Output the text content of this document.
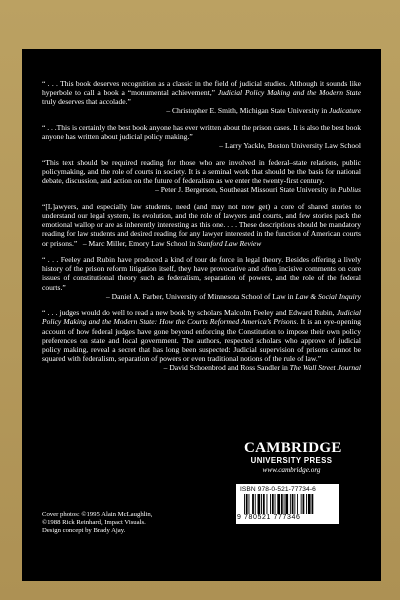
“ . . . This book deserves recognition as a classic in the field of judicial studies. Although it sounds like hyperbole to call a book a “monumental achievement,” Judicial Policy Making and the Modern State truly deserves that accolade.”
– Christopher E. Smith, Michigan State University in Judicature
“ . . .This is certainly the best book anyone has ever written about the prison cases. It is also the best book anyone has written about judicial policy making.”
– Larry Yackle, Boston University Law School
“This text should be required reading for those who are involved in federal–state relations, public policymaking, and the role of courts in society. It is a seminal work that should be the basis for national debate, discussion, and action on the future of federalism as we enter the twenty-first century.
– Peter J. Bergerson, Southeast Missouri State University in Publius
“[L]awyers, and especially law students, need (and may not now get) a core of shared stories to understand our legal system, its evolution, and the role of lawyers and courts, and few stories pack the emotional wallop or are as inherently interesting as this one. . . . These descriptions should be mandatory reading for law students and desired reading for any lawyer interested in the function of American courts or prisons.”   – Marc Miller, Emory Law School in Stanford Law Review
“ . . . Feeley and Rubin have produced a kind of tour de force in legal theory. Besides offering a lively history of the prison reform litigation itself, they have provocative and often incisive comments on core issues of constitutional theory such as federalism, separation of powers, and the role of the federal courts.”
– Daniel A. Farber, University of Minnesota School of Law in Law & Social Inquiry
“ . . . judges would do well to read a new book by scholars Malcolm Feeley and Edward Rubin, Judicial Policy Making and the Modern State: How the Courts Reformed America’s Prisons. It is an eye-opening account of how federal judges have gone beyond enforcing the Constitution to impose their own policy preferences on state and local government. The authors, respected scholars who approve of judicial policy making, reveal a secret that has long been suspected: Judicial supervision of prisons cannot be squared with federalism, separation of powers or even traditional notions of the rule of law.”
– David Schoenbrod and Ross Sandler in The Wall Street Journal
Cover photos: ©1995 Alain McLaughlin,
©1988 Rick Reinhard, Impact Visuals.
Design concept by Brady Ajay.
CAMBRIDGE
UNIVERSITY PRESS
www.cambridge.org
ISBN 978-0-521-77734-6
9 780521 777346
